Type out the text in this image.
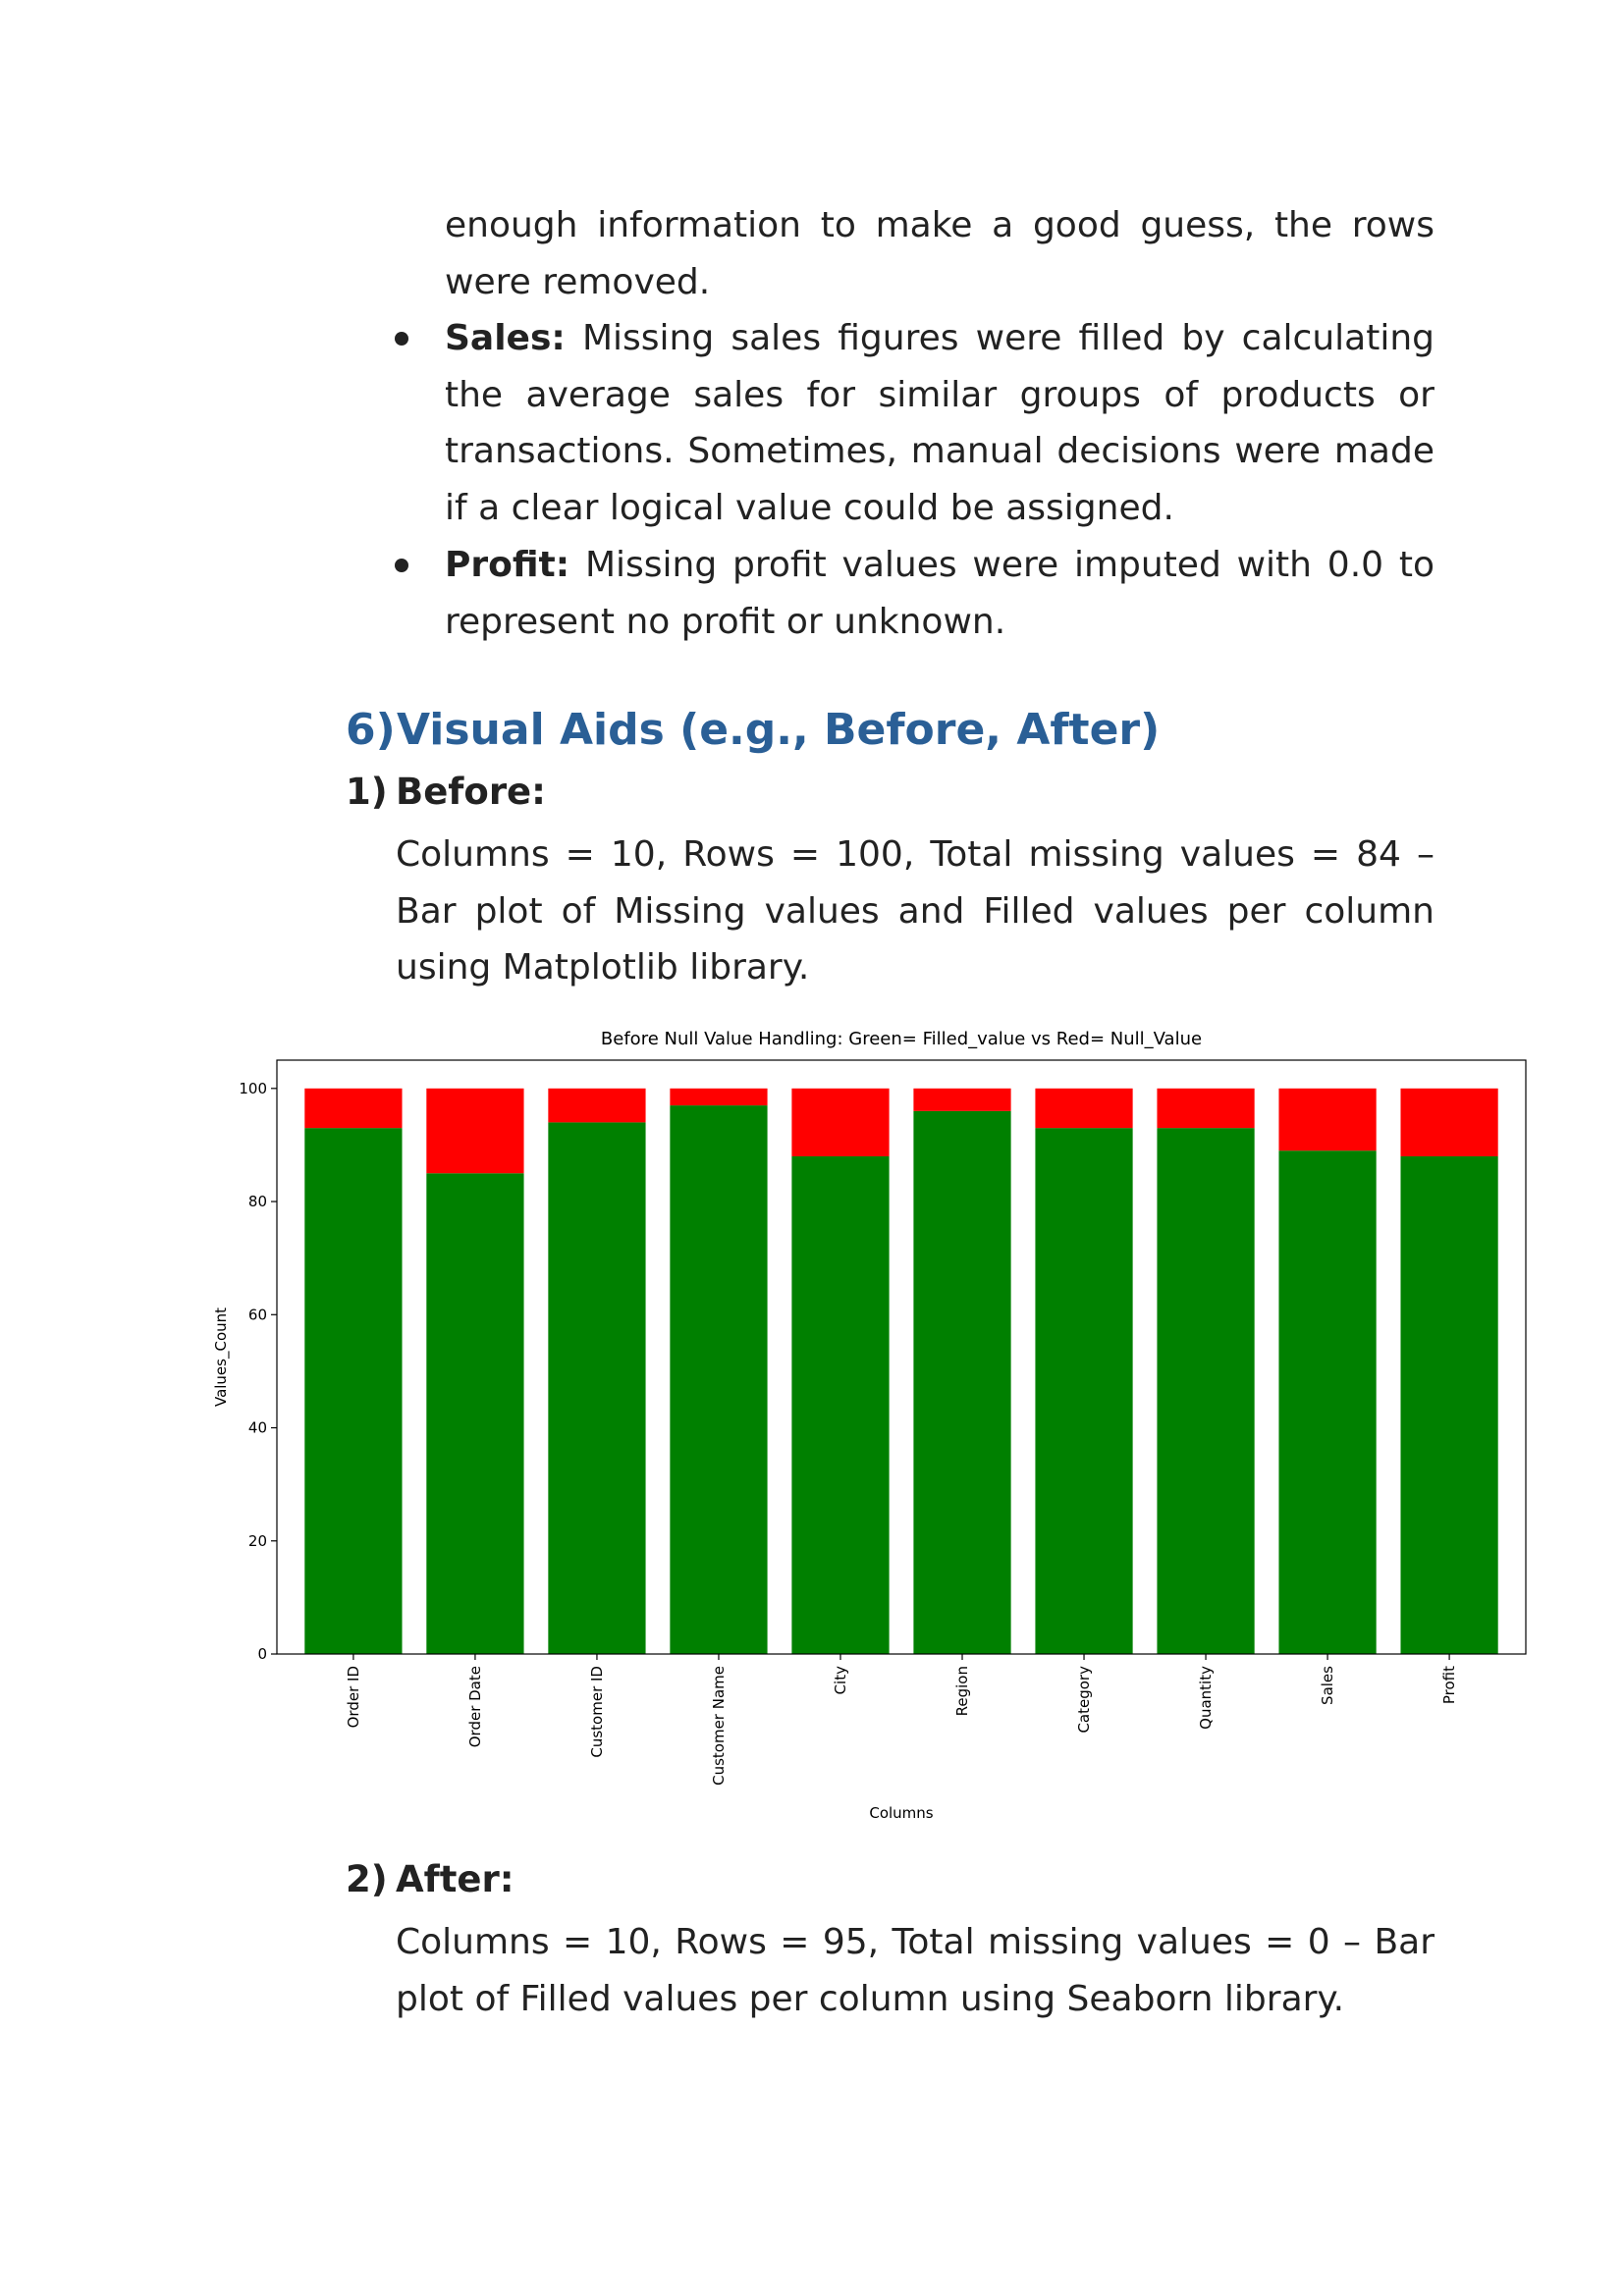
enough information to make a good guess, the rows were removed.

Sales: Missing sales figures were filled by calculating the average sales for similar groups of products or transactions. Sometimes, manual decisions were made if a clear logical value could be assigned.

Profit: Missing profit values were imputed with 0.0 to represent no profit or unknown.

6)Visual Aids (e.g., Before, After)
1) Before:

Columns = 10, Rows = 100, Total missing values = 84 – Bar plot of Missing values and Filled values per column using Matplotlib library.

Before Null Value Handling: Green= Filled_value vs Red= Null_Value
0
20
40
60
80
100
Order ID	Order Date	Customer ID	Customer Name	City	Region	Category	Quantity	Sales	Profit
Values_Count
Columns
2) After:

Columns = 10, Rows = 95, Total missing values = 0 – Bar plot of Filled values per column using Seaborn library.
